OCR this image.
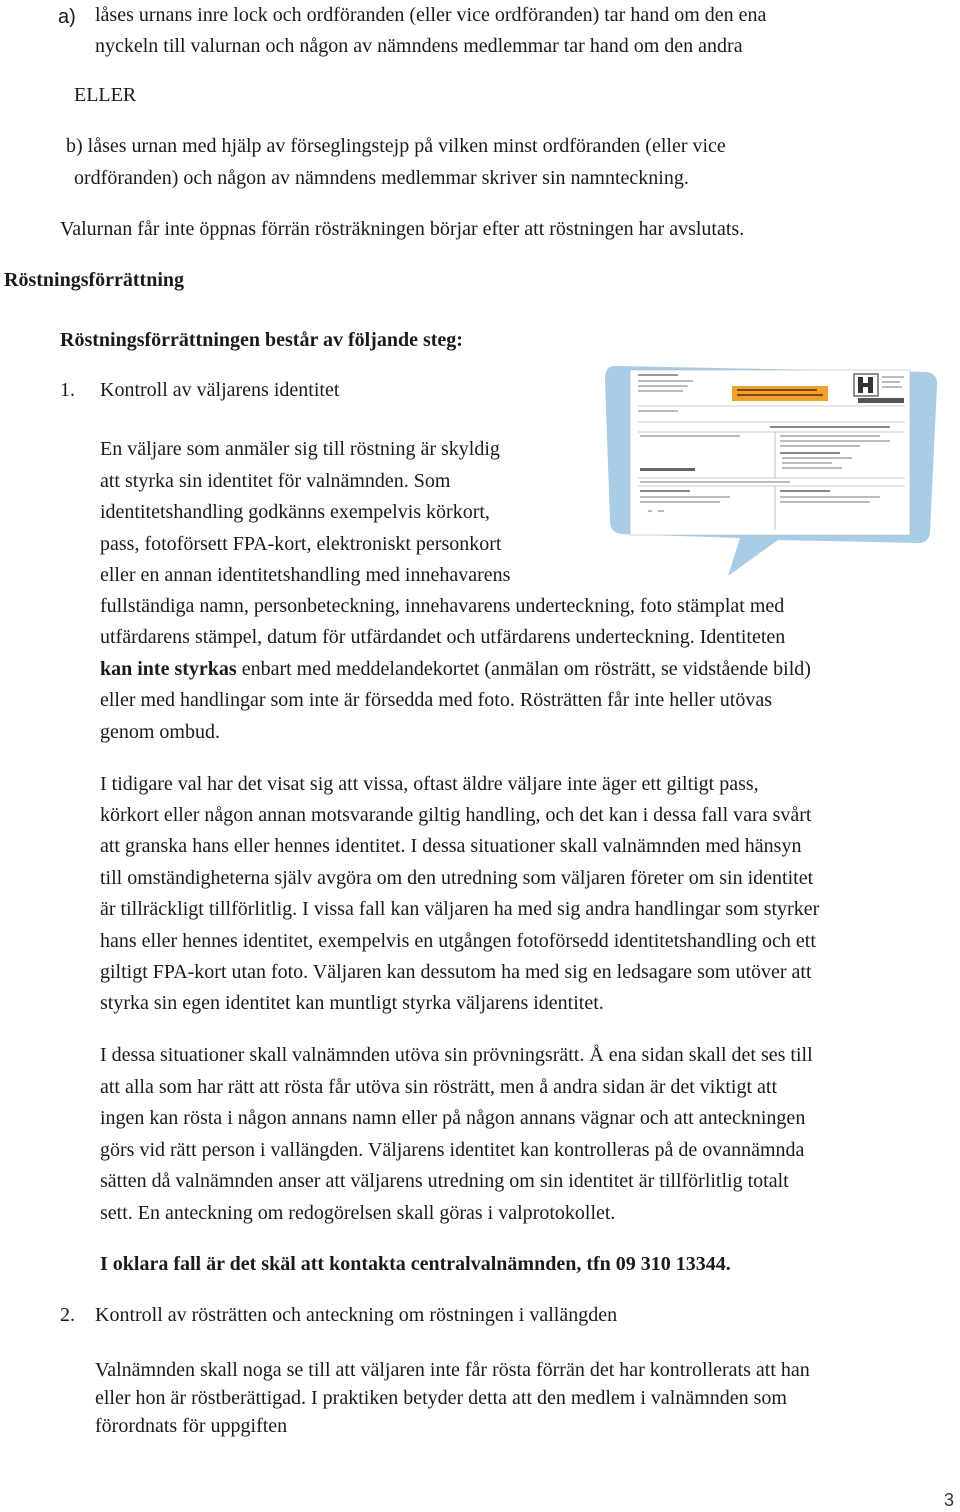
a) låses urnans inre lock och ordföranden (eller vice ordföranden) tar hand om den ena
nyckeln till valurnan och någon av nämndens medlemmar tar hand om den andra
ELLER
b) låses urnan med hjälp av förseglingstejp på vilken minst ordföranden (eller vice
ordföranden) och någon av nämndens medlemmar skriver sin namnteckning.
Valurnan får inte öppnas förrän rösträkningen börjar efter att röstningen har avslutats.
Röstningsförrättning
Röstningsförrättningen består av följande steg:
1. Kontroll av väljarens identitet
En väljare som anmäler sig till röstning är skyldig
att styrka sin identitet för valnämnden. Som
identitetshandling godkänns exempelvis körkort,
pass, fotoförsett FPA-kort, elektroniskt personkort
eller en annan identitetshandling med innehavarens
fullständiga namn, personbeteckning, innehavarens underteckning, foto stämplat med
utfärdarens stämpel, datum för utfärdandet och utfärdarens underteckning. Identiteten
kan inte styrkas enbart med meddelandekortet (anmälan om rösträtt, se vidstående bild)
eller med handlingar som inte är försedda med foto. Rösträtten får inte heller utövas
genom ombud.
I tidigare val har det visat sig att vissa, oftast äldre väljare inte äger ett giltigt pass,
körkort eller någon annan motsvarande giltig handling, och det kan i dessa fall vara svårt
att granska hans eller hennes identitet. I dessa situationer skall valnämnden med hänsyn
till omständigheterna själv avgöra om den utredning som väljaren företer om sin identitet
är tillräckligt tillförlitlig. I vissa fall kan väljaren ha med sig andra handlingar som styrker
hans eller hennes identitet, exempelvis en utgången fotoförsedd identitetshandling och ett
giltigt FPA-kort utan foto. Väljaren kan dessutom ha med sig en ledsagare som utöver att
styrka sin egen identitet kan muntligt styrka väljarens identitet.
I dessa situationer skall valnämnden utöva sin prövningsrätt. Å ena sidan skall det ses till
att alla som har rätt att rösta får utöva sin rösträtt, men å andra sidan är det viktigt att
ingen kan rösta i någon annans namn eller på någon annans vägnar och att anteckningen
görs vid rätt person i vallängden. Väljarens identitet kan kontrolleras på de ovannämnda
sätten då valnämnden anser att väljarens utredning om sin identitet är tillförlitlig totalt
sett. En anteckning om redogörelsen skall göras i valprotokollet.
I oklara fall är det skäl att kontakta centralvalnämnden, tfn 09 310 13344.
2. Kontroll av rösträtten och anteckning om röstningen i vallängden
Valnämnden skall noga se till att väljaren inte får rösta förrän det har kontrollerats att han
eller hon är röstberättigad. I praktiken betyder detta att den medlem i valnämnden som
förordnats för uppgiften
3
